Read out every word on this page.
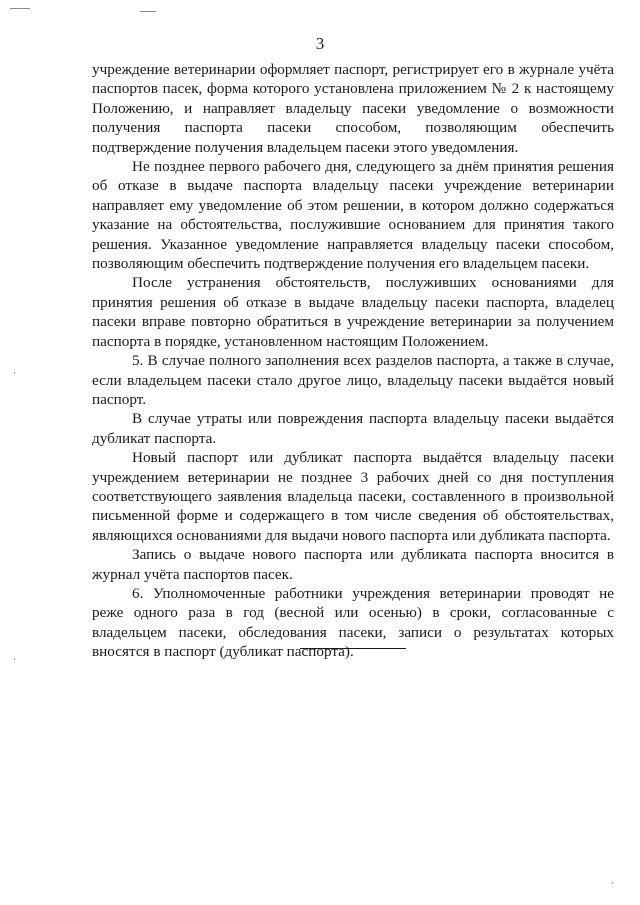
3

учреждение ветеринарии оформляет паспорт, регистрирует его в журнале учёта паспортов пасек, форма которого установлена приложением № 2 к настоящему Положению, и направляет владельцу пасеки уведомление о возможности получения паспорта пасеки способом, позволяющим обеспечить подтверждение получения владельцем пасеки этого уведомления.

Не позднее первого рабочего дня, следующего за днём принятия решения об отказе в выдаче паспорта владельцу пасеки учреждение ветеринарии направляет ему уведомление об этом решении, в котором должно содержаться указание на обстоятельства, послужившие основанием для принятия такого решения. Указанное уведомление направляется владельцу пасеки способом, позволяющим обеспечить подтверждение получения его владельцем пасеки.

После устранения обстоятельств, послуживших основаниями для принятия решения об отказе в выдаче владельцу пасеки паспорта, владелец пасеки вправе повторно обратиться в учреждение ветеринарии за получением паспорта в порядке, установленном настоящим Положением.

5. В случае полного заполнения всех разделов паспорта, а также в случае, если владельцем пасеки стало другое лицо, владельцу пасеки выдаётся новый паспорт.

В случае утраты или повреждения паспорта владельцу пасеки выдаётся дубликат паспорта.

Новый паспорт или дубликат паспорта выдаётся владельцу пасеки учреждением ветеринарии не позднее 3 рабочих дней со дня поступления соответствующего заявления владельца пасеки, составленного в произвольной письменной форме и содержащего в том числе сведения об обстоятельствах, являющихся основаниями для выдачи нового паспорта или дубликата паспорта.

Запись о выдаче нового паспорта или дубликата паспорта вносится в журнал учёта паспортов пасек.

6. Уполномоченные работники учреждения ветеринарии проводят не реже одного раза в год (весной или осенью) в сроки, согласованные с владельцем пасеки, обследования пасеки, записи о результатах которых вносятся в паспорт (дубликат паспорта).
